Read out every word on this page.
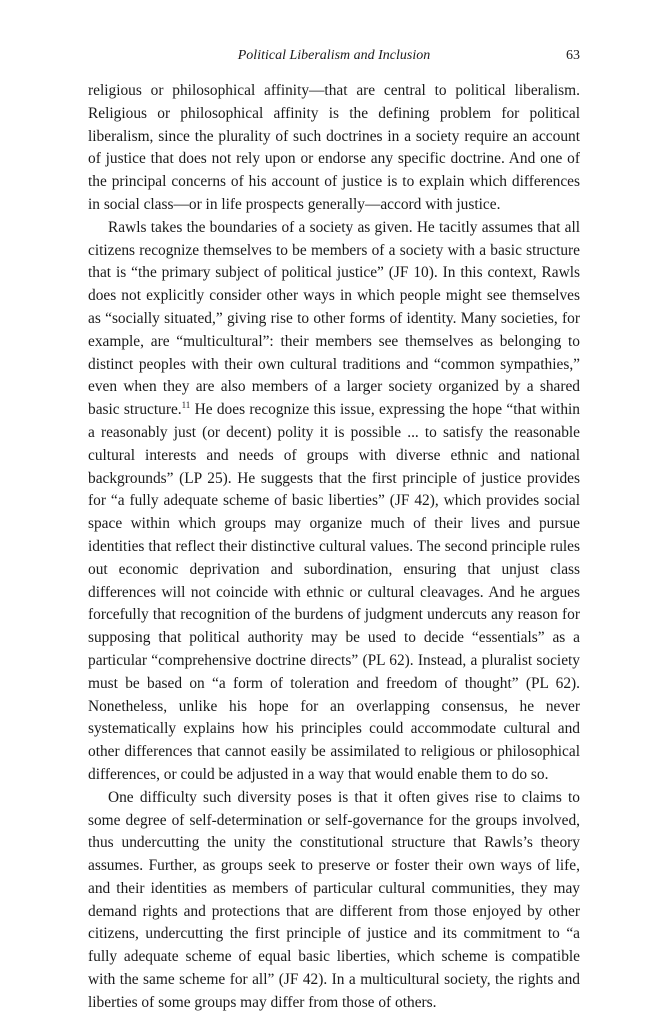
Political Liberalism and Inclusion	63

religious or philosophical affinity—that are central to political liberalism. Religious or philosophical affinity is the defining problem for political liberalism, since the plurality of such doctrines in a society require an account of justice that does not rely upon or endorse any specific doctrine. And one of the principal concerns of his account of justice is to explain which differences in social class—or in life prospects generally—accord with justice.

Rawls takes the boundaries of a society as given. He tacitly assumes that all citizens recognize themselves to be members of a society with a basic structure that is “the primary subject of political justice” (JF 10). In this context, Rawls does not explicitly consider other ways in which people might see themselves as “socially situated,” giving rise to other forms of identity. Many societies, for example, are “multicultural”: their members see themselves as belonging to distinct peoples with their own cultural traditions and “common sympathies,” even when they are also members of a larger society organized by a shared basic structure.$^{11}$ He does recognize this issue, expressing the hope “that within a reasonably just (or decent) polity it is possible ... to satisfy the reasonable cultural interests and needs of groups with diverse ethnic and national backgrounds” (LP 25). He suggests that the first principle of justice provides for “a fully adequate scheme of basic liberties” (JF 42), which provides social space within which groups may organize much of their lives and pursue identities that reflect their distinctive cultural values. The second principle rules out economic deprivation and subordination, ensuring that unjust class differences will not coincide with ethnic or cultural cleavages. And he argues forcefully that recognition of the burdens of judgment undercuts any reason for supposing that political authority may be used to decide “essentials” as a particular “comprehensive doctrine directs” (PL 62). Instead, a pluralist society must be based on “a form of toleration and freedom of thought” (PL 62). Nonetheless, unlike his hope for an overlapping consensus, he never systematically explains how his principles could accommodate cultural and other differences that cannot easily be assimilated to religious or philosophical differences, or could be adjusted in a way that would enable them to do so.

One difficulty such diversity poses is that it often gives rise to claims to some degree of self-determination or self-governance for the groups involved, thus undercutting the unity the constitutional structure that Rawls’s theory assumes. Further, as groups seek to preserve or foster their own ways of life, and their identities as members of particular cultural communities, they may demand rights and protections that are different from those enjoyed by other citizens, undercutting the first principle of justice and its commitment to “a fully adequate scheme of equal basic liberties, which scheme is compatible with the same scheme for all” (JF 42). In a multicultural society, the rights and liberties of some groups may differ from those of others.
